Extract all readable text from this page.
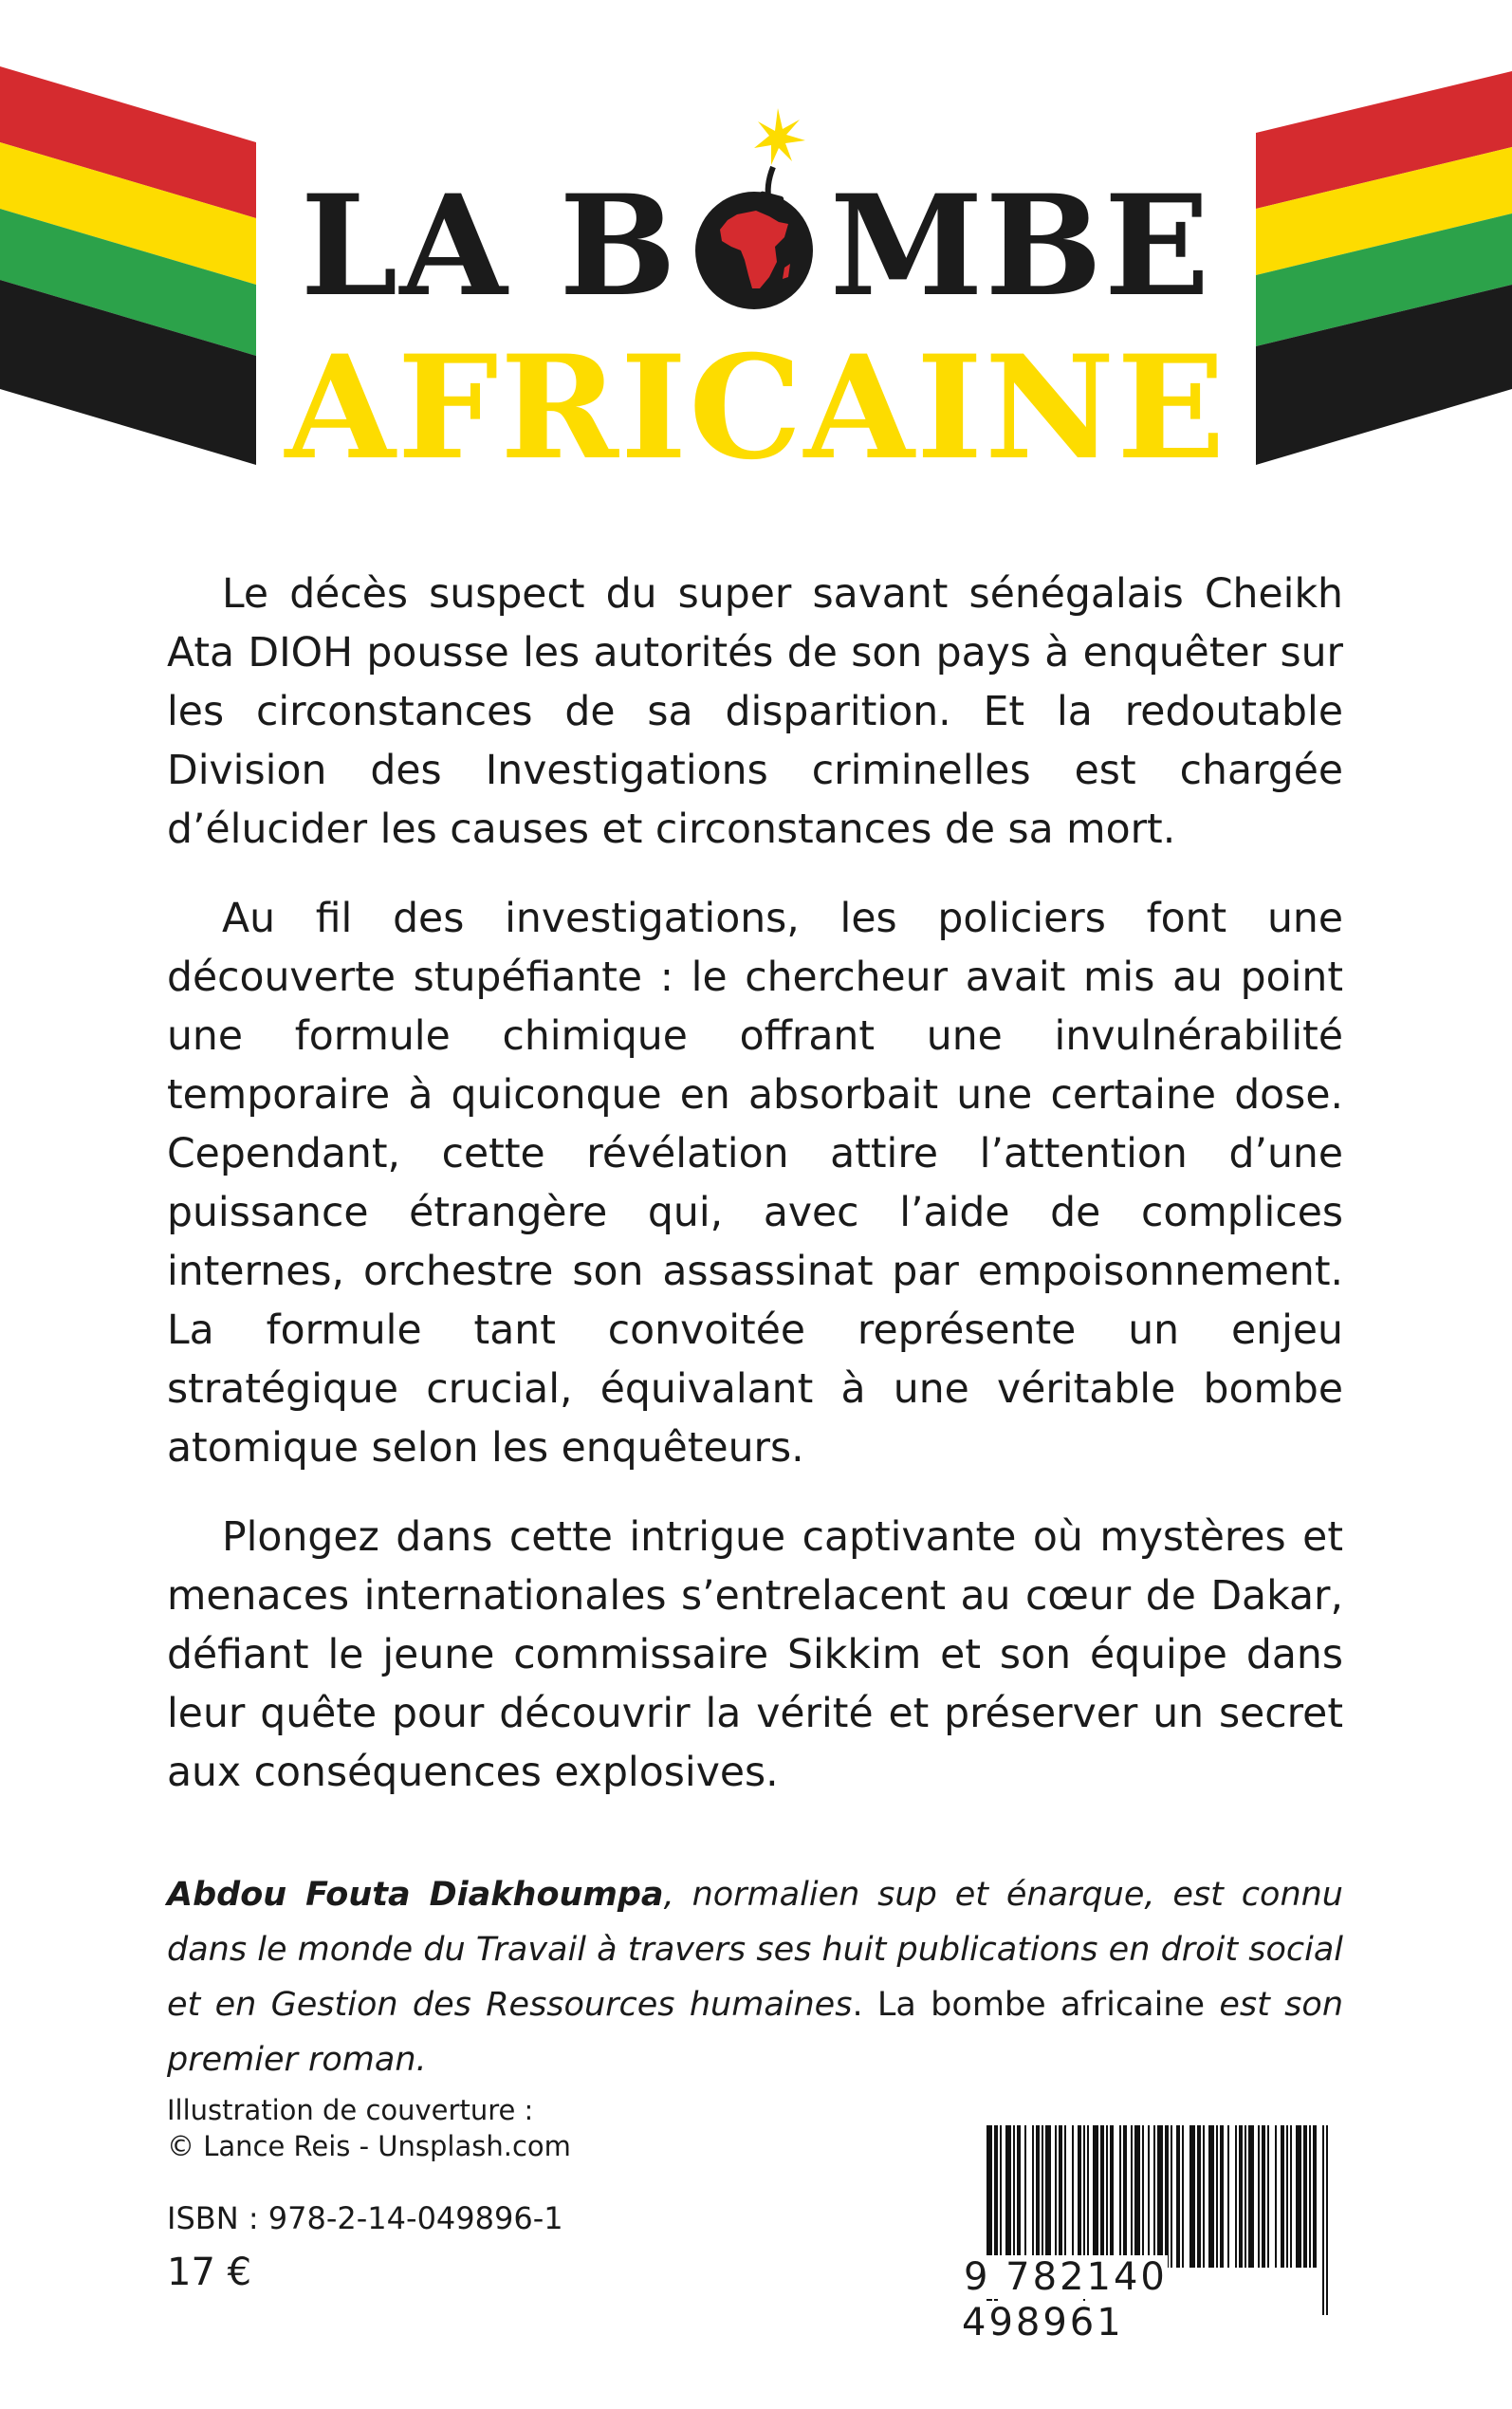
LA B MBE
AFRICAINE

Le décès suspect du super savant sénégalais Cheikh Ata DIOH pousse les autorités de son pays à enquêter sur les circonstances de sa disparition. Et la redoutable Division des Investigations criminelles est chargée d’élucider les causes et circonstances de sa mort.

Au fil des investigations, les policiers font une découverte stupéfiante : le chercheur avait mis au point une formule chimique offrant une invulnérabilité temporaire à quiconque en absorbait une certaine dose. Cependant, cette révélation attire l’attention d’une puissance étrangère qui, avec l’aide de complices internes, orchestre son assassinat par empoisonnement. La formule tant convoitée représente un enjeu stratégique crucial, équivalant à une véritable bombe atomique selon les enquêteurs.

Plongez dans cette intrigue captivante où mystères et menaces internationales s’entrelacent au cœur de Dakar, défiant le jeune commissaire Sikkim et son équipe dans leur quête pour découvrir la vérité et préserver un secret aux conséquences explosives.

Abdou Fouta Diakhoumpa, normalien sup et énarque, est connu dans le monde du Travail à travers ses huit publications en droit social et en Gestion des Ressources humaines. La bombe africaine est son premier roman.

Illustration de couverture :
© Lance Reis - Unsplash.com
ISBN : 978-2-14-049896-1
17 €	9 782140 498961
